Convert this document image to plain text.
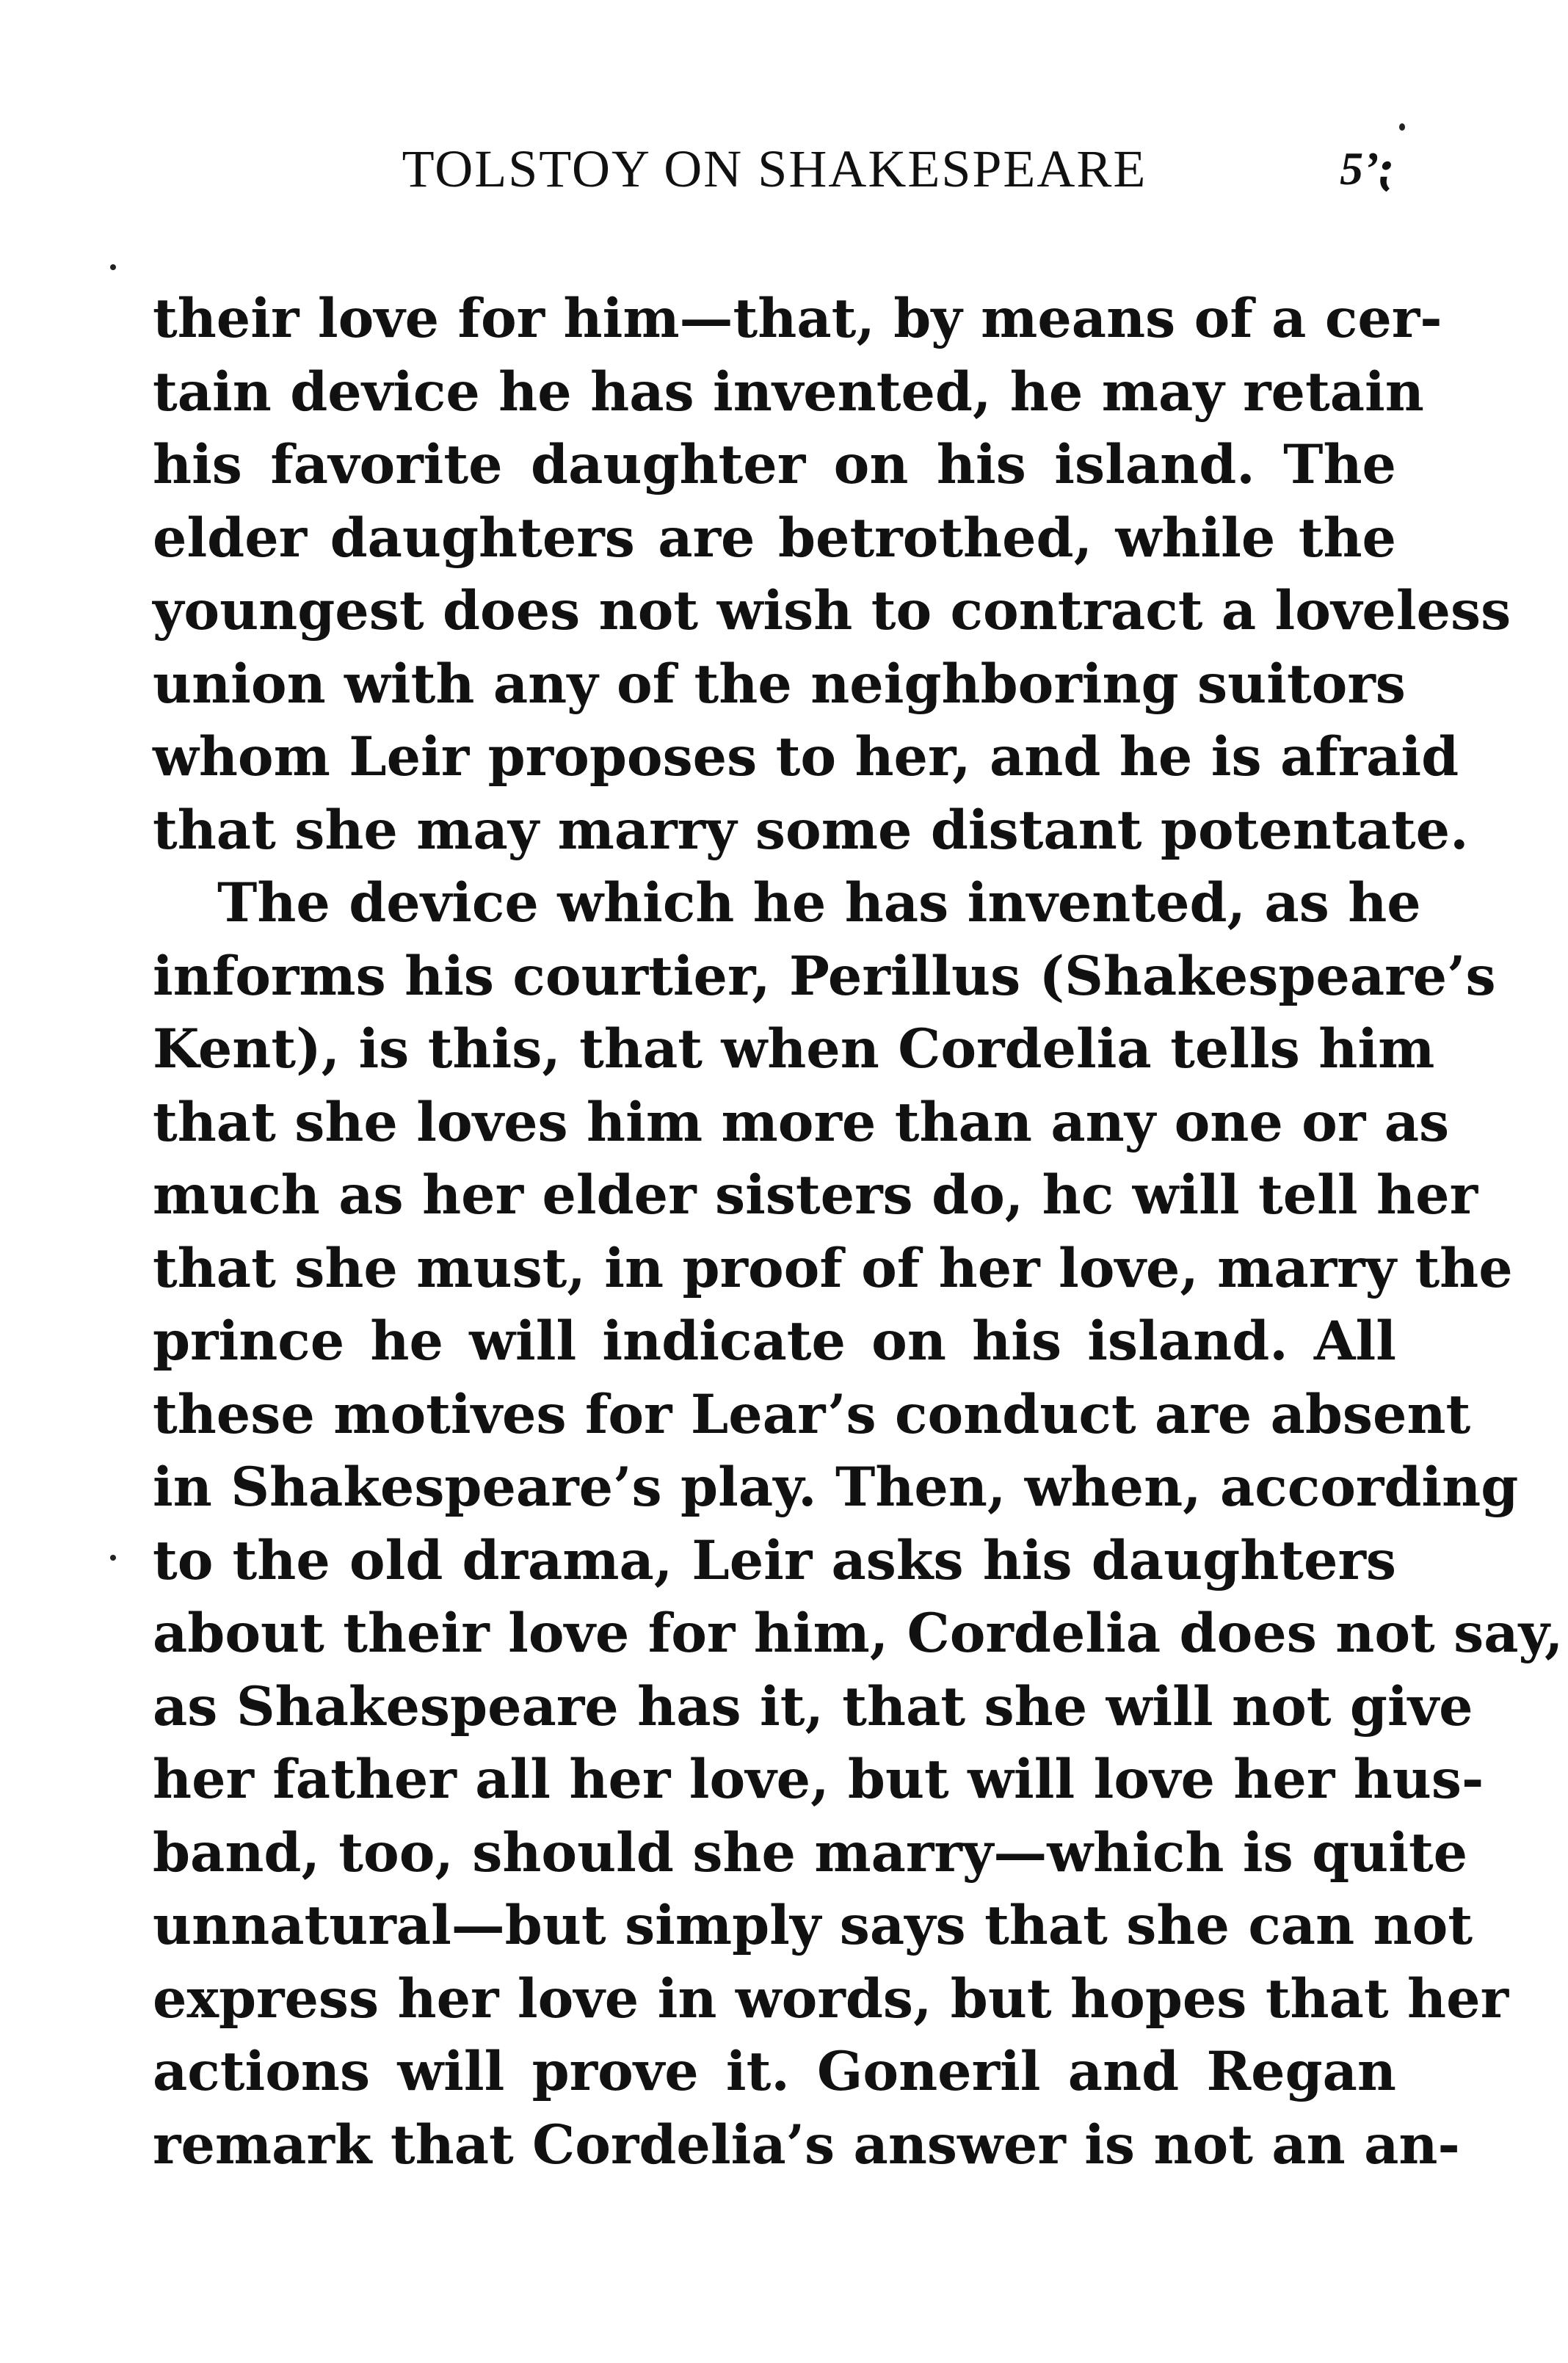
TOLSTOY ON SHAKESPEARE	5’⁏
their love for him—that, by means of a cer-
tain device he has invented, he may retain
his favorite daughter on his island. The
elder daughters are betrothed, while the
youngest does not wish to contract a loveless
union with any of the neighboring suitors
whom Leir proposes to her, and he is afraid
that she may marry some distant potentate.
The device which he has invented, as he
informs his courtier, Perillus (Shakespeare’s
Kent), is this, that when Cordelia tells him
that she loves him more than any one or as
much as her elder sisters do, hc will tell her
that she must, in proof of her love, marry the
prince he will indicate on his island. All
these motives for Lear’s conduct are absent
in Shakespeare’s play. Then, when, according
to the old drama, Leir asks his daughters
about their love for him, Cordelia does not say,
as Shakespeare has it, that she will not give
her father all her love, but will love her hus-
band, too, should she marry—which is quite
unnatural—but simply says that she can not
express her love in words, but hopes that her
actions will prove it. Goneril and Regan
remark that Cordelia’s answer is not an an-
